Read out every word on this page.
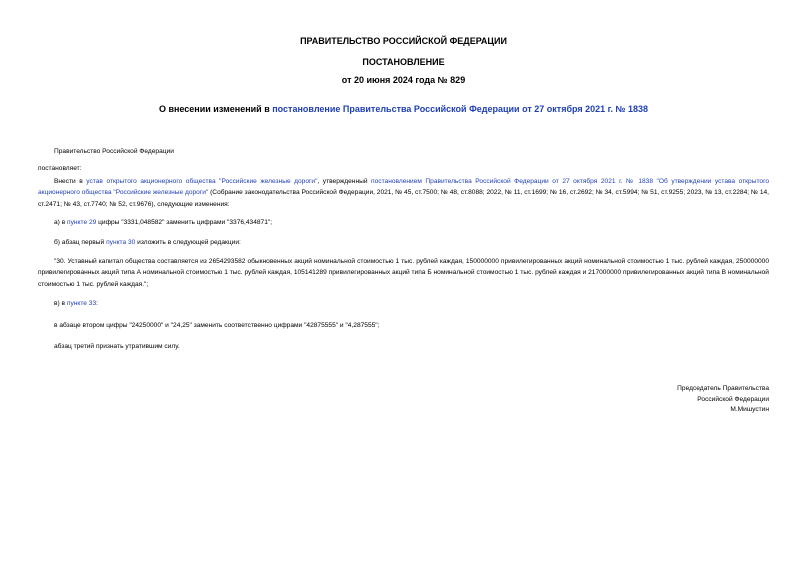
ПРАВИТЕЛЬСТВО РОССИЙСКОЙ ФЕДЕРАЦИИ
ПОСТАНОВЛЕНИЕ
от 20 июня 2024 года № 829
О внесении изменений в постановление Правительства Российской Федерации от 27 октября 2021 г. № 1838
Правительство Российской Федерации
постановляет:
Внести в устав открытого акционерного общества "Российские железные дороги", утвержденный постановлением Правительства Российской Федерации от 27 октября 2021 г. № 1838 "Об утверждении устава открытого акционерного общества "Российские железные дороги" (Собрание законодательства Российской Федерации, 2021, № 45, ст.7500; № 48, ст.8088; 2022, № 11, ст.1699; № 16, ст.2692; № 34, ст.5994; № 51, ст.9255; 2023, № 13, ст.2284; № 14, ст.2471; № 43, ст.7740; № 52, ст.9676), следующие изменения:
а) в пункте 29 цифры "3331,048582" заменить цифрами "3376,434871";
б) абзац первый пункта 30 изложить в следующей редакции:
"30. Уставный капитал общества составляется из 2654293582 обыкновенных акций номинальной стоимостью 1 тыс. рублей каждая, 150000000 привилегированных акций номинальной стоимостью 1 тыс. рублей каждая, 250000000 привилегированных акций типа А номинальной стоимостью 1 тыс. рублей каждая, 105141289 привилегированных акций типа Б номинальной стоимостью 1 тыс. рублей каждая и 217000000 привилегированных акций типа В номинальной стоимостью 1 тыс. рублей каждая.";
в) в пункте 33:
в абзаце втором цифры "24250000" и "24,25" заменить соответственно цифрами "42875555" и "4,287555";
абзац третий признать утратившим силу.
Председатель Правительства
Российской Федерации
М.Мишустин
